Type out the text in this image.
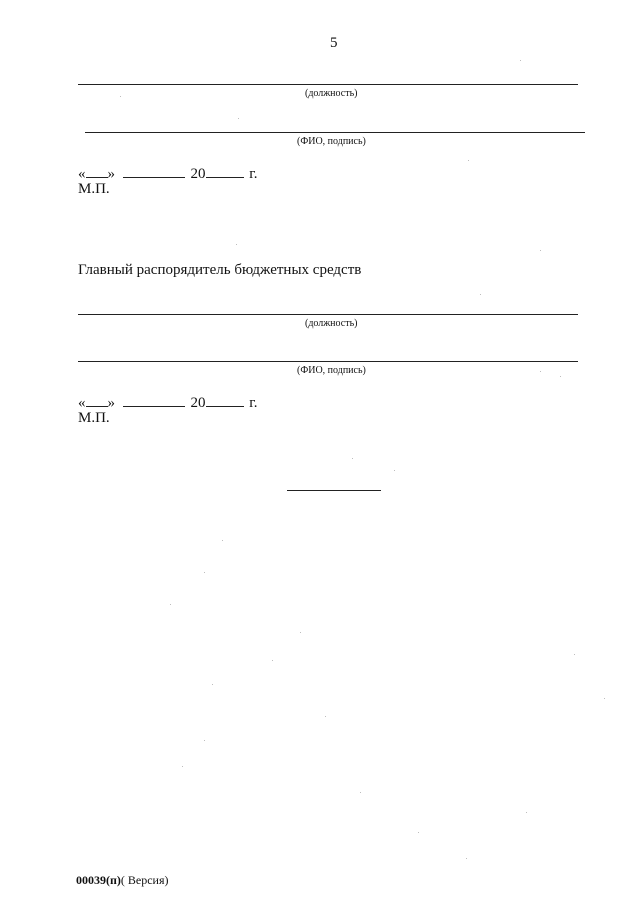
5
(должность)
(ФИО, подпись)
« »	20	г.
М.П.
Главный распорядитель бюджетных средств
(должность)
(ФИО, подпись)
« »	20	г.
М.П.
00039(п)( Версия)
